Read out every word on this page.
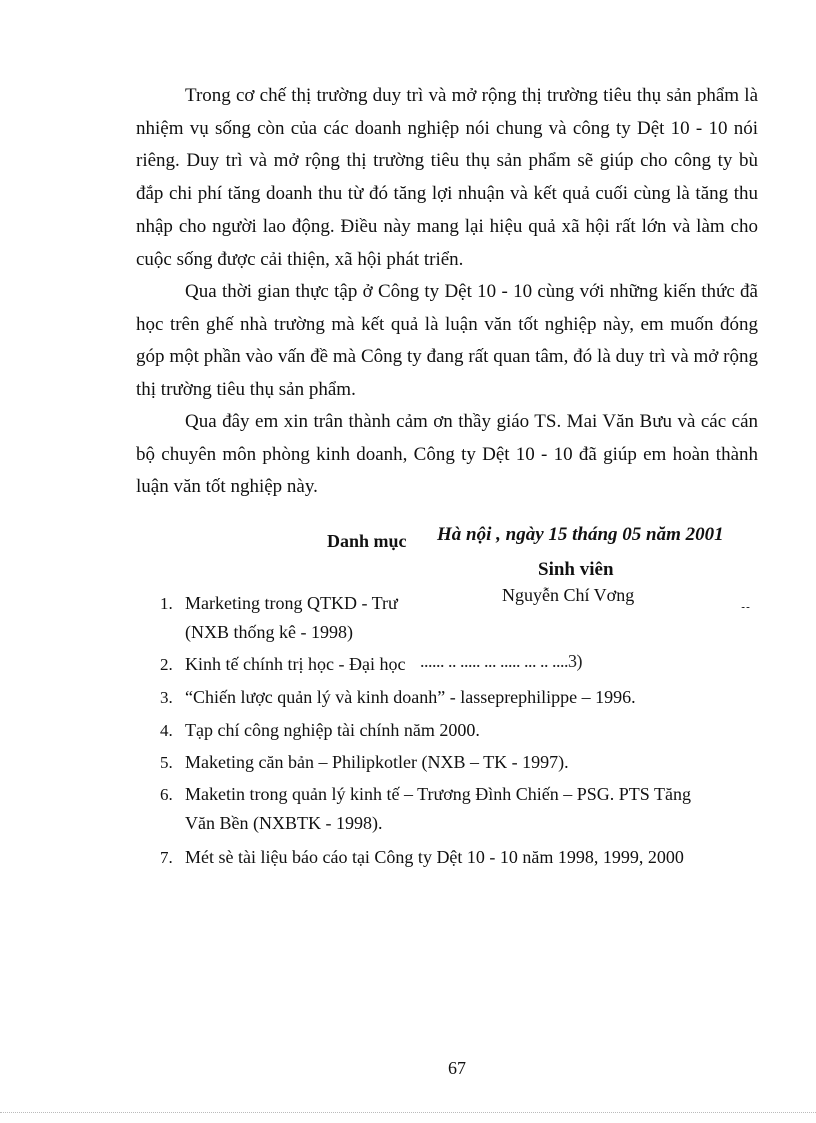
Trong cơ chế thị trường duy trì và mở rộng thị trường tiêu thụ sản phẩm là nhiệm vụ sống còn của các doanh nghiệp nói chung và công ty Dệt 10 - 10 nói riêng. Duy trì và mở rộng thị trường tiêu thụ sản phẩm sẽ giúp cho công ty bù đắp chi phí tăng doanh thu từ đó tăng lợi nhuận và kết quả cuối cùng là tăng thu nhập cho người lao động. Điều này mang lại hiệu quả xã hội rất lớn và làm cho cuộc sống được cải thiện, xã hội phát triển.

Qua thời gian thực tập ở Công ty Dệt 10 - 10 cùng với những kiến thức đã học trên ghế nhà trường mà kết quả là luận văn tốt nghiệp này, em muốn đóng góp một phần vào vấn đề mà Công ty đang rất quan tâm, đó là duy trì và mở rộng thị trường tiêu thụ sản phẩm.

Qua đây em xin trân thành cảm ơn thầy giáo TS. Mai Văn Bưu và các cán bộ chuyên môn phòng kinh doanh, Công ty Dệt 10 - 10 đã giúp em hoàn thành luận văn tốt nghiệp này.

1. Marketing trong QTKD - Trư
(NXB thống kê - 1998)
2. Kinh tế chính trị học - Đại học
3. “Chiến lược quản lý và kinh doanh” - lasseprephilippe – 1996.
4. Tạp chí công nghiệp tài chính năm 2000.
5. Maketing căn bản – Philipkotler (NXB – TK - 1997).
6. Maketin trong quản lý kinh tế – Trương Đình Chiến – PSG. PTS Tăng
Văn Bền (NXBTK - 1998).
7. Mét sè tài liệu báo cáo tại Công ty Dệt 10 - 10 năm 1998, 1999, 2000
...... .. ..... ... ..... ... .. ....3)
Danh mục Hà nội , ngày 15 tháng 05 năm 2001
Sinh viên
Nguyễn Chí Vơng
67
